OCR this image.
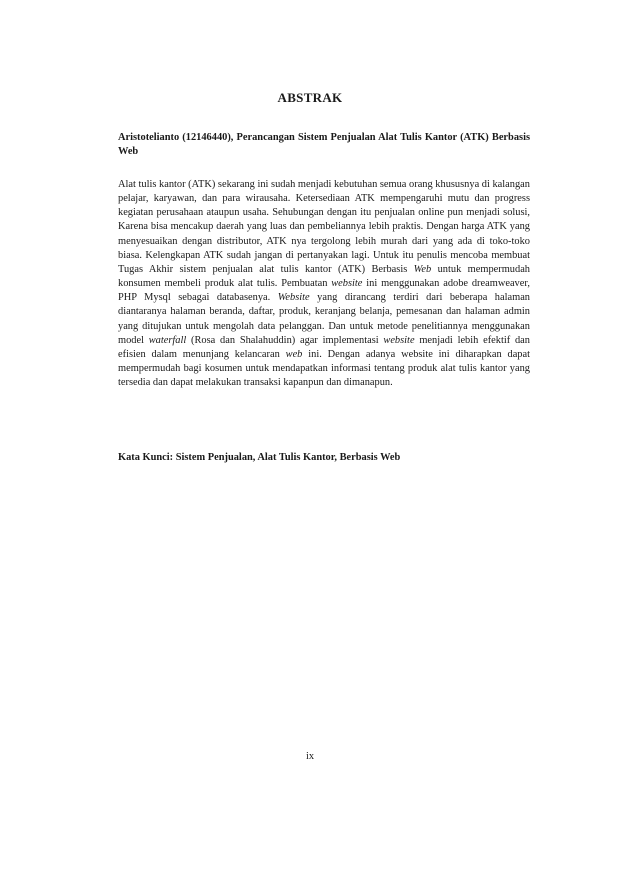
ABSTRAK
Aristotelianto (12146440), Perancangan Sistem Penjualan Alat Tulis Kantor (ATK) Berbasis Web

Alat tulis kantor (ATK) sekarang ini sudah menjadi kebutuhan semua orang khususnya di kalangan pelajar, karyawan, dan para wirausaha. Ketersediaan ATK mempengaruhi mutu dan progress kegiatan perusahaan ataupun usaha. Sehubungan dengan itu penjualan online pun menjadi solusi, Karena bisa mencakup daerah yang luas dan pembeliannya lebih praktis. Dengan harga ATK yang menyesuaikan dengan distributor, ATK nya tergolong lebih murah dari yang ada di toko-toko biasa. Kelengkapan ATK sudah jangan di pertanyakan lagi. Untuk itu penulis mencoba membuat Tugas Akhir sistem penjualan alat tulis kantor (ATK) Berbasis Web untuk mempermudah konsumen membeli produk alat tulis. Pembuatan website ini menggunakan adobe dreamweaver, PHP Mysql sebagai databasenya. Website yang dirancang terdiri dari beberapa halaman diantaranya halaman beranda, daftar, produk, keranjang belanja, pemesanan dan halaman admin yang ditujukan untuk mengolah data pelanggan. Dan untuk metode penelitiannya menggunakan model waterfall (Rosa dan Shalahuddin) agar implementasi website menjadi lebih efektif dan efisien dalam menunjang kelancaran web ini. Dengan adanya website ini diharapkan dapat mempermudah bagi kosumen untuk mendapatkan informasi tentang produk alat tulis kantor yang tersedia dan dapat melakukan transaksi kapanpun dan dimanapun.

Kata Kunci: Sistem Penjualan, Alat Tulis Kantor, Berbasis Web
ix
